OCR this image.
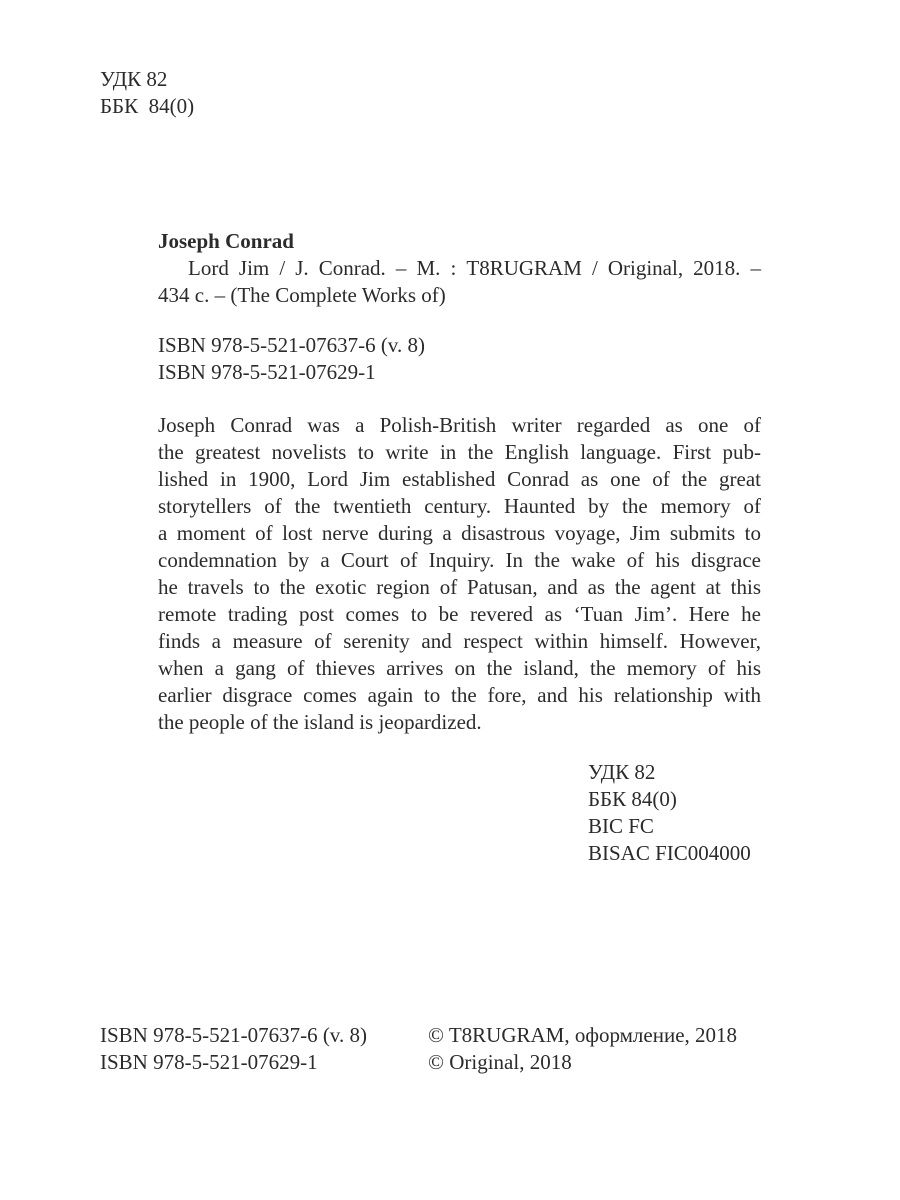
УДК 82
ББК  84(0)
Joseph Conrad
Lord Jim / J. Conrad. – М. : T8RUGRAM / Original, 2018. –
434 с. – (The Complete Works of)
ISBN 978-5-521-07637-6 (v. 8)
ISBN 978-5-521-07629-1
Joseph Conrad was a Polish-British writer regarded as one of
the greatest novelists to write in the English language. First pub-
lished in 1900, Lord Jim established Conrad as one of the great
storytellers of the twentieth century. Haunted by the memory of
a moment of lost nerve during a disastrous voyage, Jim submits to
condemnation by a Court of Inquiry. In the wake of his disgrace
he travels to the exotic region of Patusan, and as the agent at this
remote trading post comes to be revered as ‘Tuan Jim’. Here he
finds a measure of serenity and respect within himself. However,
when a gang of thieves arrives on the island, the memory of his
earlier disgrace comes again to the fore, and his relationship with
the people of the island is jeopardized.
УДК 82
ББК 84(0)
BIC FC
BISAC FIC004000
ISBN 978-5-521-07637-6 (v. 8)
ISBN 978-5-521-07629-1
© T8RUGRAM, оформление, 2018
© Original, 2018
